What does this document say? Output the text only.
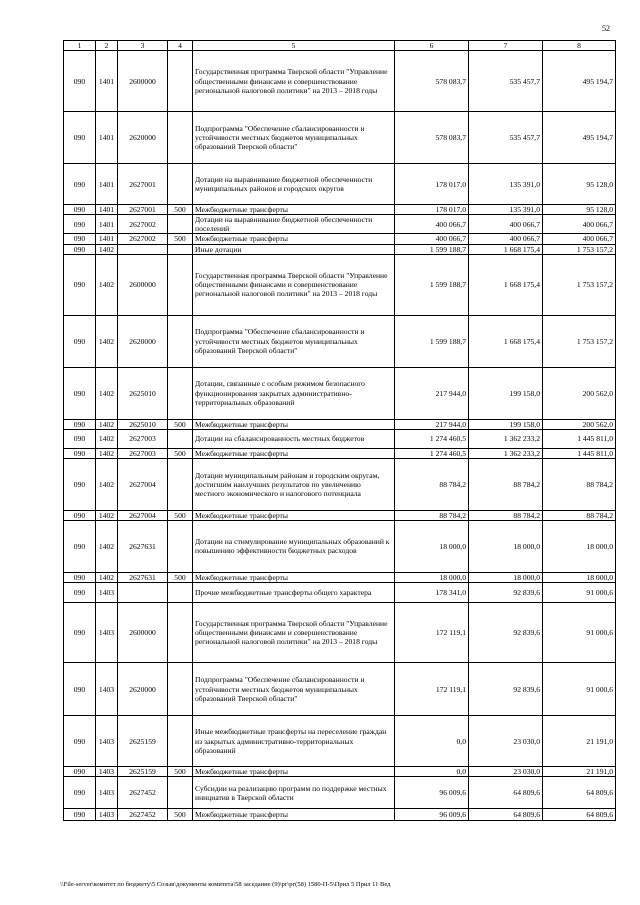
52
1	2	3	4	5	6	7	8
090	1401	2600000		Государственная программа Тверской области "Управление общественными финансами и совершенствование региональной налоговой политики" на 2013 – 2018 годы	578 083,7	535 457,7	495 194,7
090	1401	2620000		Подпрограмма "Обеспечение сбалансированности и устойчивости местных бюджетов муниципальных образований Тверской области"	578 083,7	535 457,7	495 194,7
090	1401	2627001		Дотации на выравнивание бюджетной обеспеченности муниципальных районов и городских округов	178 017,0	135 391,0	95 128,0
090	1401	2627001	500	Межбюджетные трансферты	178 017,0	135 391,0	95 128,0
090	1401	2627002		Дотации на выравнивание бюджетной обеспеченности поселений	400 066,7	400 066,7	400 066,7
090	1401	2627002	500	Межбюджетные трансферты	400 066,7	400 066,7	400 066,7
090	1402			Иные дотации	1 599 188,7	1 668 175,4	1 753 157,2
090	1402	2600000		Государственная программа Тверской области "Управление общественными финансами и совершенствование региональной налоговой политики" на 2013 – 2018 годы	1 599 188,7	1 668 175,4	1 753 157,2
090	1402	2620000		Подпрограмма "Обеспечение сбалансированности и устойчивости местных бюджетов муниципальных образований Тверской области"	1 599 188,7	1 668 175,4	1 753 157,2
090	1402	2625010		Дотации, связанные с особым режимом безопасного функционирования закрытых административно-территориальных образований	217 944,0	199 158,0	200 562,0
090	1402	2625010	500	Межбюджетные трансферты	217 944,0	199 158,0	200 562,0
090	1402	2627003		Дотации на сбалансированность местных бюджетов	1 274 460,5	1 362 233,2	1 445 811,0
090	1402	2627003	500	Межбюджетные трансферты	1 274 460,5	1 362 233,2	1 445 811,0
090	1402	2627004		Дотации муниципальным районам и городским округам, достигшим наилучших результатов по увеличению местного экономического и налогового потенциала	88 784,2	88 784,2	88 784,2
090	1402	2627004	500	Межбюджетные трансферты	88 784,2	88 784,2	88 784,2
090	1402	2627631		Дотации на стимулирование муниципальных образований к повышению эффективности бюджетных расходов	18 000,0	18 000,0	18 000,0
090	1402	2627631	500	Межбюджетные трансферты	18 000,0	18 000,0	18 000,0
090	1403			Прочие межбюджетные трансферты общего характера	178 341,0	92 839,6	91 000,6
090	1403	2600000		Государственная программа Тверской области "Управление общественными финансами и совершенствование региональной налоговой политики" на 2013 – 2018 годы	172 119,1	92 839,6	91 000,6
090	1403	2620000		Подпрограмма "Обеспечение сбалансированности и устойчивости местных бюджетов муниципальных образований Тверской области"	172 119,1	92 839,6	91 000,6
090	1403	2625159		Иные межбюджетные трансферты на переселение граждан из закрытых административно-территориальных образований	0,0	23 030,0	21 191,0
090	1403	2625159	500	Межбюджетные трансферты	0,0	23 030,0	21 191,0
090	1403	2627452		Субсидии на реализацию программ по поддержке местных инициатив в Тверской области	96 009,6	64 809,6	64 809,6
090	1403	2627452	500	Межбюджетные трансферты	96 009,6	64 809,6	64 809,6
\\File-server\комитет по бюджету\5 Созыв\документы комитета\58 заседание (9)\рг\рг(58) 1580-П-5\Прил 5 Прил 11 Вед
